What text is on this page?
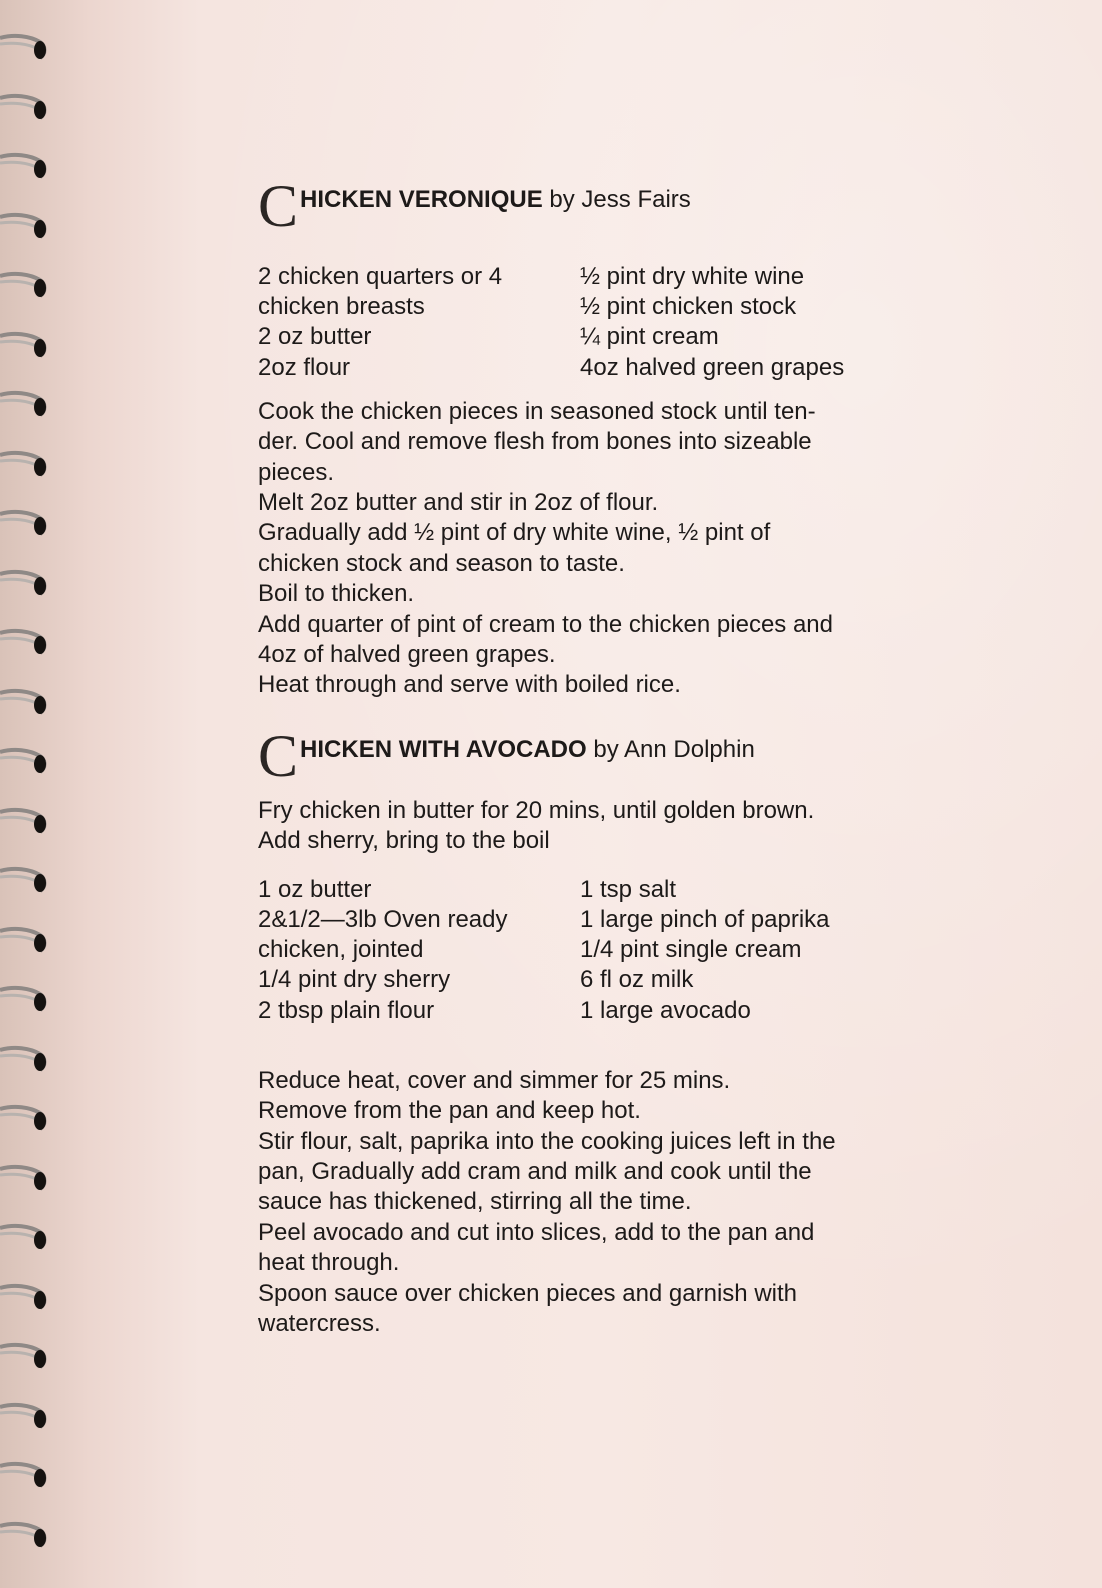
C HICKEN VERONIQUE by Jess Fairs
2 chicken quarters or 4
chicken breasts
2 oz butter
2oz flour
½ pint dry white wine
½ pint chicken stock
¼ pint cream
4oz halved green grapes

Cook the chicken pieces in seasoned stock until ten-

der. Cool and remove flesh from bones into sizeable

pieces.

Melt 2oz butter and stir in 2oz of flour.

Gradually add ½ pint of dry white wine, ½ pint of

chicken stock and season to taste.

Boil to thicken.

Add quarter of pint of cream to the chicken pieces and

4oz of halved green grapes.

Heat through and serve with boiled rice.

C HICKEN WITH AVOCADO by Ann Dolphin

Fry chicken in butter for 20 mins, until golden brown.

Add sherry, bring to the boil

1 oz butter
2&1/2—3lb Oven ready
chicken, jointed
1/4 pint dry sherry
2 tbsp plain flour
1 tsp salt
1 large pinch of paprika
1/4 pint single cream
6 fl oz milk
1 large avocado

Reduce heat, cover and simmer for 25 mins.

Remove from the pan and keep hot.

Stir flour, salt, paprika into the cooking juices left in the

pan, Gradually add cram and milk and cook until the

sauce has thickened, stirring all the time.

Peel avocado and cut into slices, add to the pan and

heat through.

Spoon sauce over chicken pieces and garnish with

watercress.
